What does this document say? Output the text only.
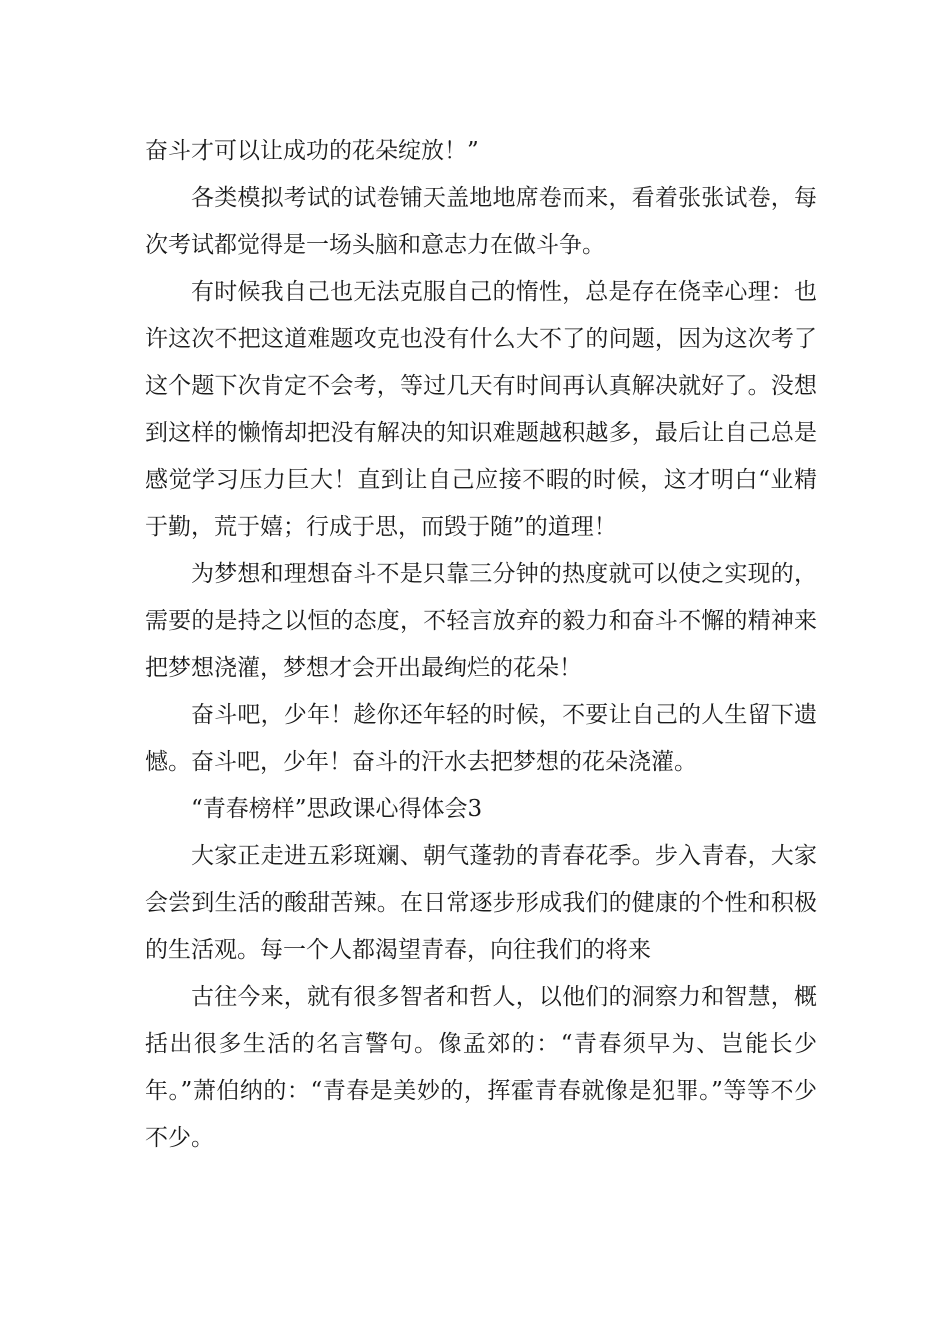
奋斗才可以让成功的花朵绽放！”

各类模拟考试的试卷铺天盖地地席卷而来，看着张张试卷，每次考试都觉得是一场头脑和意志力在做斗争。

有时候我自己也无法克服自己的惰性，总是存在侥幸心理：也许这次不把这道难题攻克也没有什么大不了的问题，因为这次考了这个题下次肯定不会考，等过几天有时间再认真解决就好了。没想到这样的懒惰却把没有解决的知识难题越积越多，最后让自己总是感觉学习压力巨大！直到让自己应接不暇的时候，这才明白“业精于勤，荒于嬉；行成于思，而毁于随”的道理！

为梦想和理想奋斗不是只靠三分钟的热度就可以使之实现的，需要的是持之以恒的态度，不轻言放弃的毅力和奋斗不懈的精神来把梦想浇灌，梦想才会开出最绚烂的花朵！

奋斗吧，少年！趁你还年轻的时候，不要让自己的人生留下遗憾。奋斗吧，少年！奋斗的汗水去把梦想的花朵浇灌。

“青春榜样”思政课心得体会3

大家正走进五彩斑斓、朝气蓬勃的青春花季。步入青春，大家会尝到生活的酸甜苦辣。在日常逐步形成我们的健康的个性和积极的生活观。每一个人都渴望青春，向往我们的将来

古往今来，就有很多智者和哲人，以他们的洞察力和智慧，概括出很多生活的名言警句。像孟郊的：“青春须早为、岂能长少年。”萧伯纳的：“青春是美妙的，挥霍青春就像是犯罪。”等等不少不少。
